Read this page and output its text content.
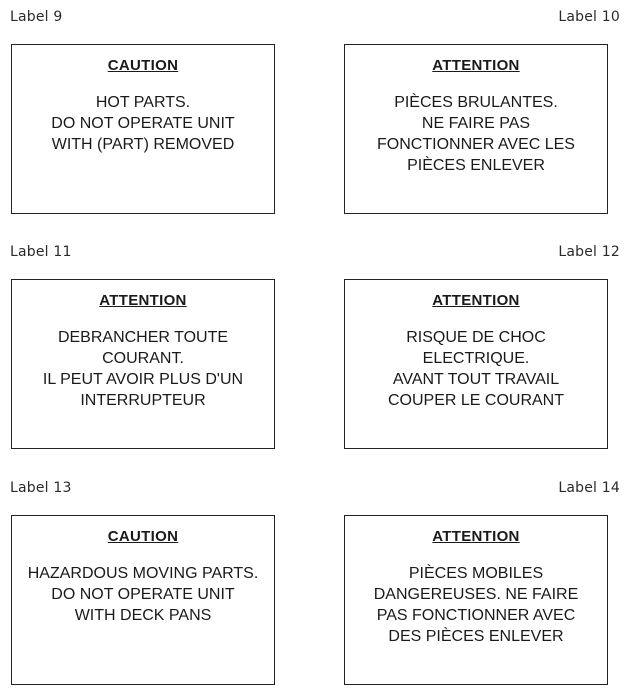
Label 9	Label 10
CAUTION
HOT PARTS.
DO NOT OPERATE UNIT
WITH (PART) REMOVED
ATTENTION
PIÈCES BRULANTES.
NE FAIRE PAS
FONCTIONNER AVEC LES
PIÈCES ENLEVER
Label 11	Label 12
ATTENTION
DEBRANCHER TOUTE
COURANT.
IL PEUT AVOIR PLUS D'UN
INTERRUPTEUR
ATTENTION
RISQUE DE CHOC
ELECTRIQUE.
AVANT TOUT TRAVAIL
COUPER LE COURANT
Label 13	Label 14
CAUTION
HAZARDOUS MOVING PARTS.
DO NOT OPERATE UNIT
WITH DECK PANS
ATTENTION
PIÈCES MOBILES
DANGEREUSES. NE FAIRE
PAS FONCTIONNER AVEC
DES PIÈCES ENLEVER
